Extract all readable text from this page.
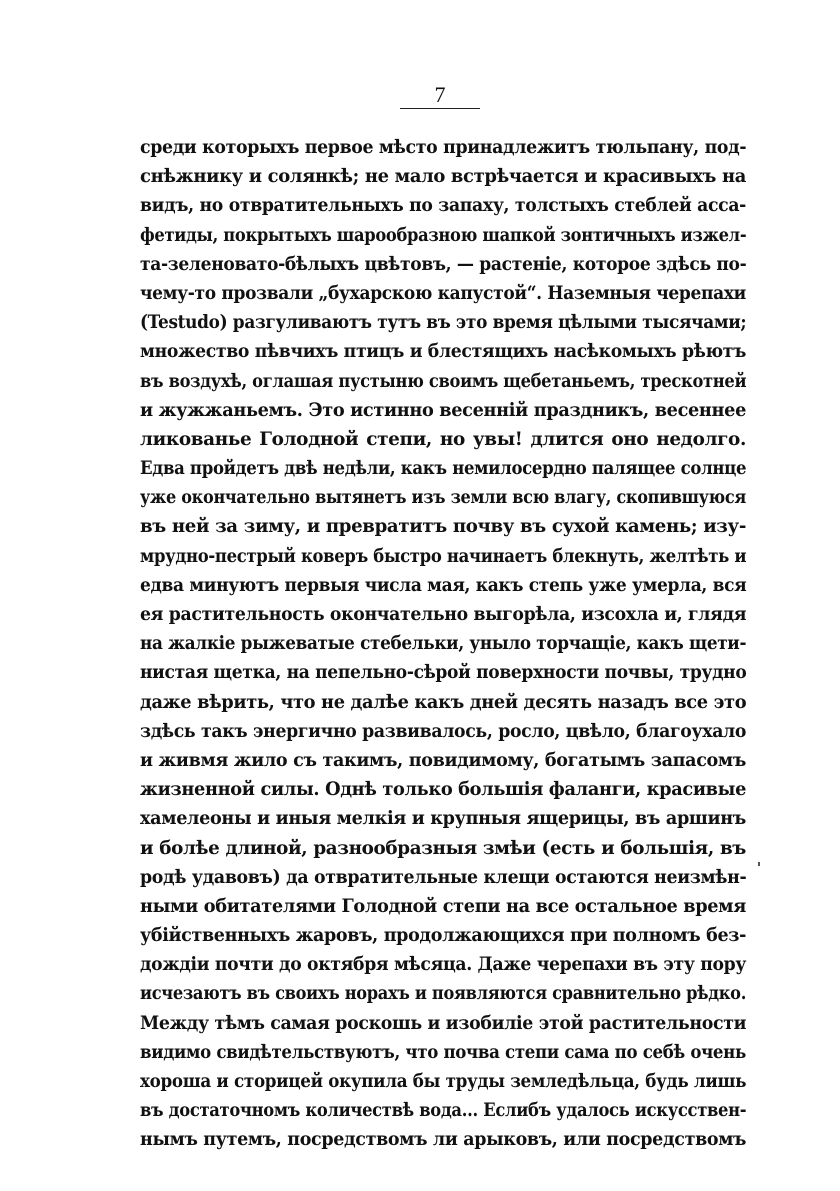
7
среди которыхъ первое мѣсто принадлежитъ тюльпану, под-
снѣжнику и солянкѣ; не мало встрѣчается и красивыхъ на
видъ, но отвратительныхъ по запаху, толстыхъ стеблей асса-
фетиды, покрытыхъ шарообразною шапкой зонтичныхъ изжел-
та-зеленовато-бѣлыхъ цвѣтовъ, — растенiе, которое здѣсь по-
чему-то прозвали „бухарскою капустой“. Наземныя черепахи
(Testudo) разгуливаютъ тутъ въ это время цѣлыми тысячами;
множество пѣвчихъ птицъ и блестящихъ насѣкомыхъ рѣютъ
въ воздухѣ, оглашая пустыню своимъ щебетаньемъ, трескотней
и жужжаньемъ. Это истинно весеннiй праздникъ, весеннее
ликованье Голодной степи, но увы! длится оно недолго.
Едва пройдетъ двѣ недѣли, какъ немилосердно палящее солнце
уже окончательно вытянетъ изъ земли всю влагу, скопившуюся
въ ней за зиму, и превратитъ почву въ сухой камень; изу-
мрудно-пестрый коверъ быстро начинаетъ блекнуть, желтѣть и
едва минуютъ первыя числа мая, какъ степь уже умерла, вся
ея растительность окончательно выгорѣла, изсохла и, глядя
на жалкiе рыжеватые стебельки, уныло торчащiе, какъ щети-
нистая щетка, на пепельно-сѣрой поверхности почвы, трудно
даже вѣрить, что не далѣе какъ дней десять назадъ все это
здѣсь такъ энергично развивалось, росло, цвѣло, благоухало
и живмя жило съ такимъ, повидимому, богатымъ запасомъ
жизненной силы. Однѣ только большiя фаланги, красивые
хамелеоны и иныя мелкiя и крупныя ящерицы, въ аршинъ
и болѣе длиной, разнообразныя змѣи (есть и большiя, въ
родѣ удавовъ) да отвратительные клещи остаются неизмѣн-
ными обитателями Голодной степи на все остальное время
убiйственныхъ жаровъ, продолжающихся при полномъ без-
дождiи почти до октября мѣсяца. Даже черепахи въ эту пору
исчезаютъ въ своихъ норахъ и появляются сравнительно рѣдко.
Между тѣмъ самая роскошь и изобилiе этой растительности
видимо свидѣтельствуютъ, что почва степи сама по себѣ очень
хороша и сторицей окупила бы труды земледѣльца, будь лишь
въ достаточномъ количествѣ вода... Еслибъ удалось искусствен-
нымъ путемъ, посредствомъ ли арыковъ, или посредствомъ
